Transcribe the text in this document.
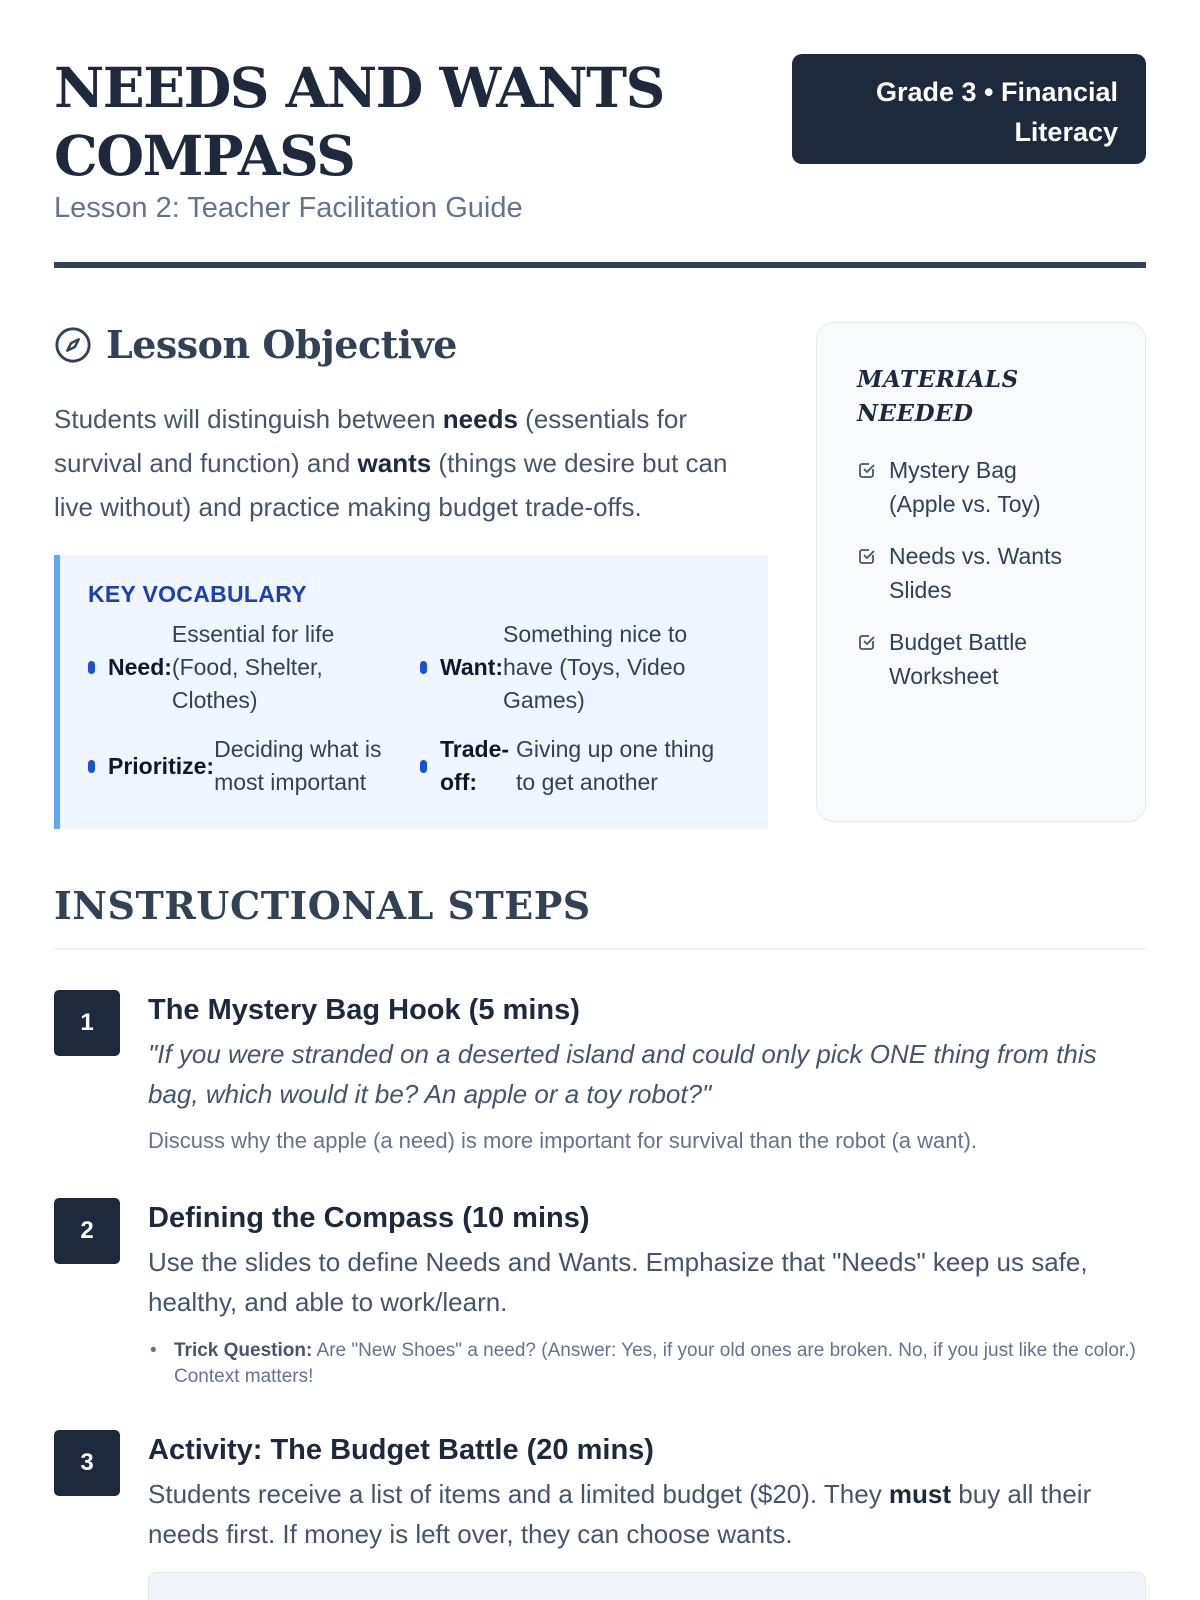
NEEDS AND WANTS
COMPASS
Lesson 2: Teacher Facilitation Guide
Grade 3 • Financial
Literacy
Lesson Objective

Students will distinguish between needs (essentials for survival and function) and wants (things we desire but can live without) and practice making budget trade-offs.

KEY VOCABULARY
Need:
Essential for life (Food, Shelter, Clothes)
Want:
Something nice to have (Toys, Video Games)
Prioritize:
Deciding what is most important
Trade-off:
Giving up one thing to get another
MATERIALS NEEDED
Mystery Bag (Apple vs. Toy)
Needs vs. Wants Slides
Budget Battle Worksheet
INSTRUCTIONAL STEPS
1	The Mystery Bag Hook (5 mins)
"If you were stranded on a deserted island and could only pick ONE thing from this bag, which would it be? An apple or a toy robot?"
Discuss why the apple (a need) is more important for survival than the robot (a want).
2	Defining the Compass (10 mins)
Use the slides to define Needs and Wants. Emphasize that "Needs" keep us safe, healthy, and able to work/learn.
• Trick Question: Are "New Shoes" a need? (Answer: Yes, if your old ones are broken. No, if you just like the color.) Context matters!
3	Activity: The Budget Battle (20 mins)
Students receive a list of items and a limited budget ($20). They must buy all their needs first. If money is left over, they can choose wants.
